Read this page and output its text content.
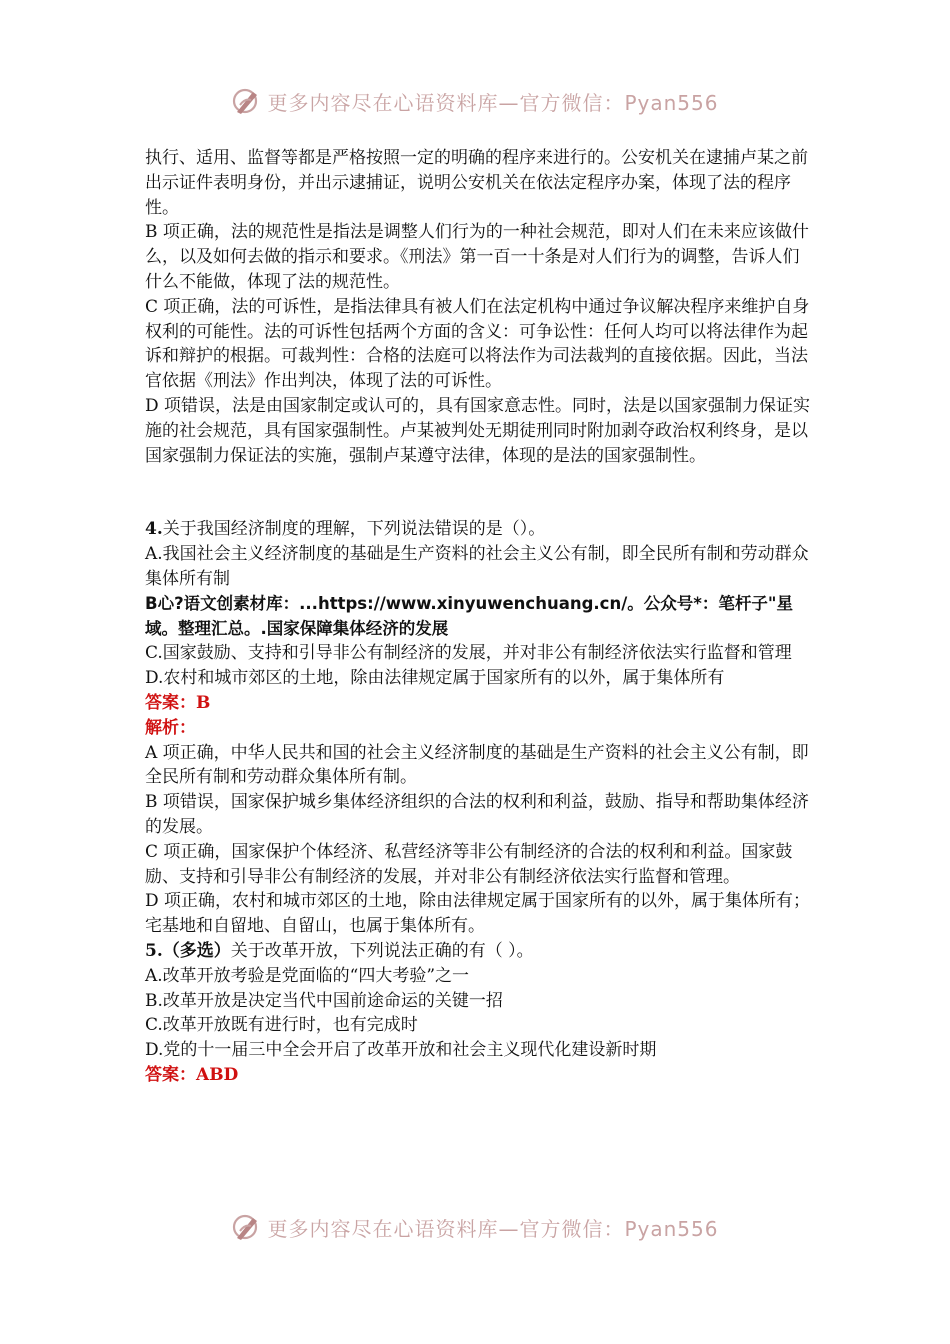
更多内容尽在心语资料库—官方微信：Pyan556

执行、适用、监督等都是严格按照一定的明确的程序来进行的。公安机关在逮捕卢某之前出示证件表明身份，并出示逮捕证，说明公安机关在依法定程序办案，体现了法的程序性。

B 项正确，法的规范性是指法是调整人们行为的一种社会规范，即对人们在未来应该做什么，以及如何去做的指示和要求。《刑法》第一百一十条是对人们行为的调整，告诉人们什么不能做，体现了法的规范性。

C 项正确，法的可诉性，是指法律具有被人们在法定机构中通过争议解决程序来维护自身权利的可能性。法的可诉性包括两个方面的含义：可争讼性：任何人均可以将法律作为起诉和辩护的根据。可裁判性：合格的法庭可以将法作为司法裁判的直接依据。因此，当法官依据《刑法》作出判决，体现了法的可诉性。

D 项错误，法是由国家制定或认可的，具有国家意志性。同时，法是以国家强制力保证实施的社会规范，具有国家强制性。卢某被判处无期徒刑同时附加剥夺政治权利终身，是以国家强制力保证法的实施，强制卢某遵守法律，体现的是法的国家强制性。

4.关于我国经济制度的理解，下列说法错误的是（）。

A.我国社会主义经济制度的基础是生产资料的社会主义公有制，即全民所有制和劳动群众集体所有制

B心?语文创素材库：...https://www.xinyuwenchuang.cn/。公众号*：笔杆子"星域。整理汇总。.国家保障集体经济的发展

C.国家鼓励、支持和引导非公有制经济的发展，并对非公有制经济依法实行监督和管理

D.农村和城市郊区的土地，除由法律规定属于国家所有的以外，属于集体所有

答案：B

解析：

A 项正确，中华人民共和国的社会主义经济制度的基础是生产资料的社会主义公有制，即全民所有制和劳动群众集体所有制。

B 项错误，国家保护城乡集体经济组织的合法的权利和利益，鼓励、指导和帮助集体经济的发展。

C 项正确，国家保护个体经济、私营经济等非公有制经济的合法的权利和利益。国家鼓励、支持和引导非公有制经济的发展，并对非公有制经济依法实行监督和管理。

D 项正确，农村和城市郊区的土地，除由法律规定属于国家所有的以外，属于集体所有；宅基地和自留地、自留山，也属于集体所有。

5.（多选）关于改革开放，下列说法正确的有（ ）。

A.改革开放考验是党面临的“四大考验”之一

B.改革开放是决定当代中国前途命运的关键一招

C.改革开放既有进行时，也有完成时

D.党的十一届三中全会开启了改革开放和社会主义现代化建设新时期

答案：ABD

更多内容尽在心语资料库—官方微信：Pyan556
